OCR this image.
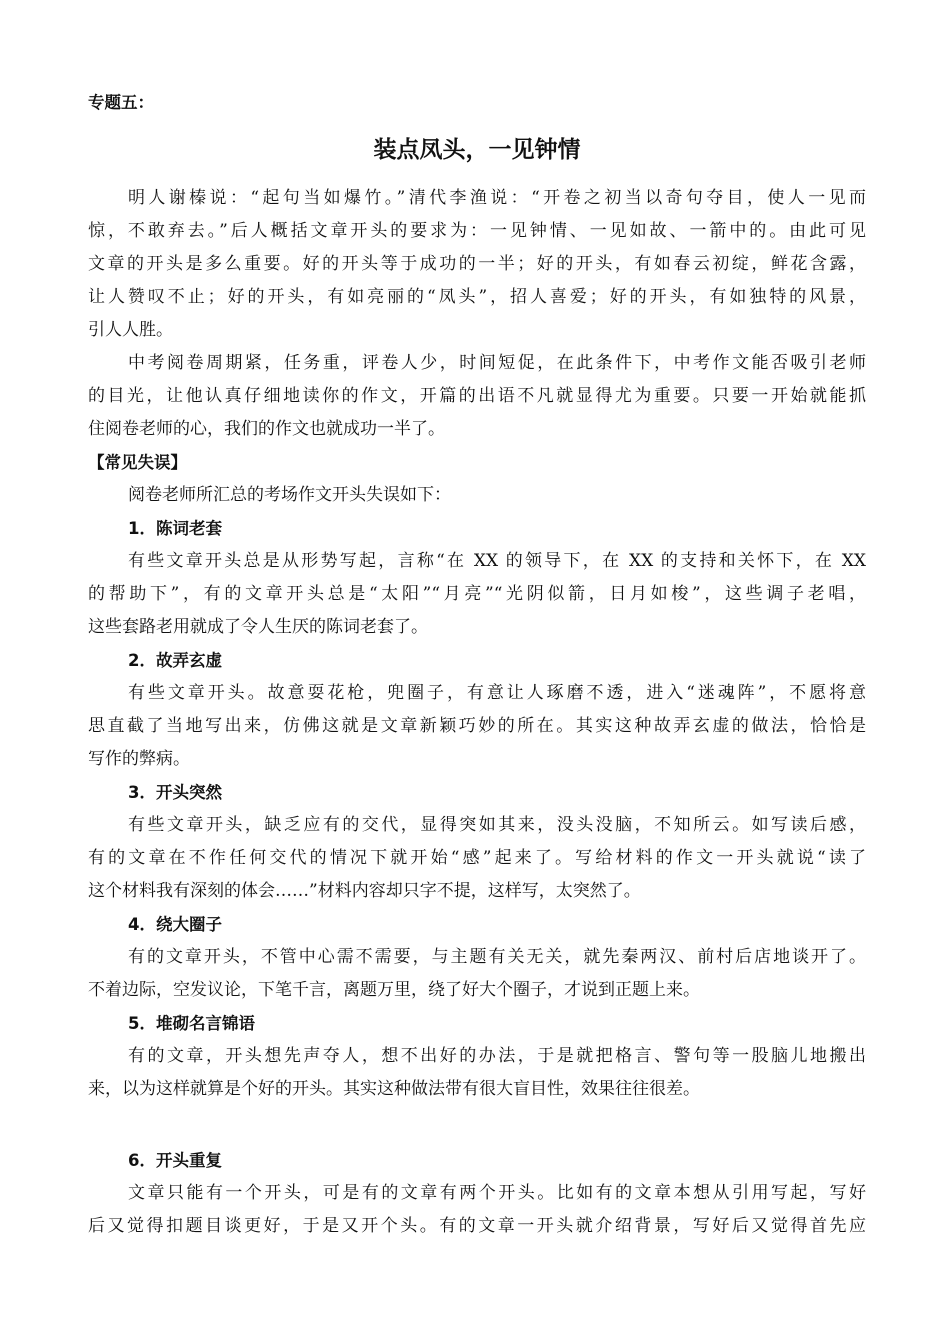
专题五：

装点凤头，一见钟情

明人谢榛说：“起句当如爆竹。”清代李渔说：“开卷之初当以奇句夺目，使人一见而

惊，不敢弃去。”后人概括文章开头的要求为：一见钟情、一见如故、一箭中的。由此可见

文章的开头是多么重要。好的开头等于成功的一半；好的开头，有如春云初绽，鲜花含露，

让人赞叹不止；好的开头，有如亮丽的“凤头”，招人喜爱；好的开头，有如独特的风景，

引人人胜。

中考阅卷周期紧，任务重，评卷人少，时间短促，在此条件下，中考作文能否吸引老师

的目光，让他认真仔细地读你的作文，开篇的出语不凡就显得尤为重要。只要一开始就能抓

住阅卷老师的心，我们的作文也就成功一半了。

【常见失误】

阅卷老师所汇总的考场作文开头失误如下：

1．陈词老套

有些文章开头总是从形势写起，言称“在 XX 的领导下，在 XX 的支持和关怀下，在 XX

的帮助下”，有的文章开头总是“太阳”“月亮”“光阴似箭，日月如梭”，这些调子老唱，

这些套路老用就成了令人生厌的陈词老套了。

2．故弄玄虚

有些文章开头。故意耍花枪，兜圈子，有意让人琢磨不透，进入“迷魂阵”，不愿将意

思直截了当地写出来，仿佛这就是文章新颖巧妙的所在。其实这种故弄玄虚的做法，恰恰是

写作的弊病。

3．开头突然

有些文章开头，缺乏应有的交代，显得突如其来，没头没脑，不知所云。如写读后感，

有的文章在不作任何交代的情况下就开始“感”起来了。写给材料的作文一开头就说“读了

这个材料我有深刻的体会……”材料内容却只字不提，这样写，太突然了。

4．绕大圈子

有的文章开头，不管中心需不需要，与主题有关无关，就先秦两汉、前村后店地谈开了。

不着边际，空发议论，下笔千言，离题万里，绕了好大个圈子，才说到正题上来。

5．堆砌名言锦语

有的文章，开头想先声夺人，想不出好的办法，于是就把格言、警句等一股脑儿地搬出

来，以为这样就算是个好的开头。其实这种做法带有很大盲目性，效果往往很差。

6．开头重复

文章只能有一个开头，可是有的文章有两个开头。比如有的文章本想从引用写起，写好

后又觉得扣题目谈更好，于是又开个头。有的文章一开头就介绍背景，写好后又觉得首先应
